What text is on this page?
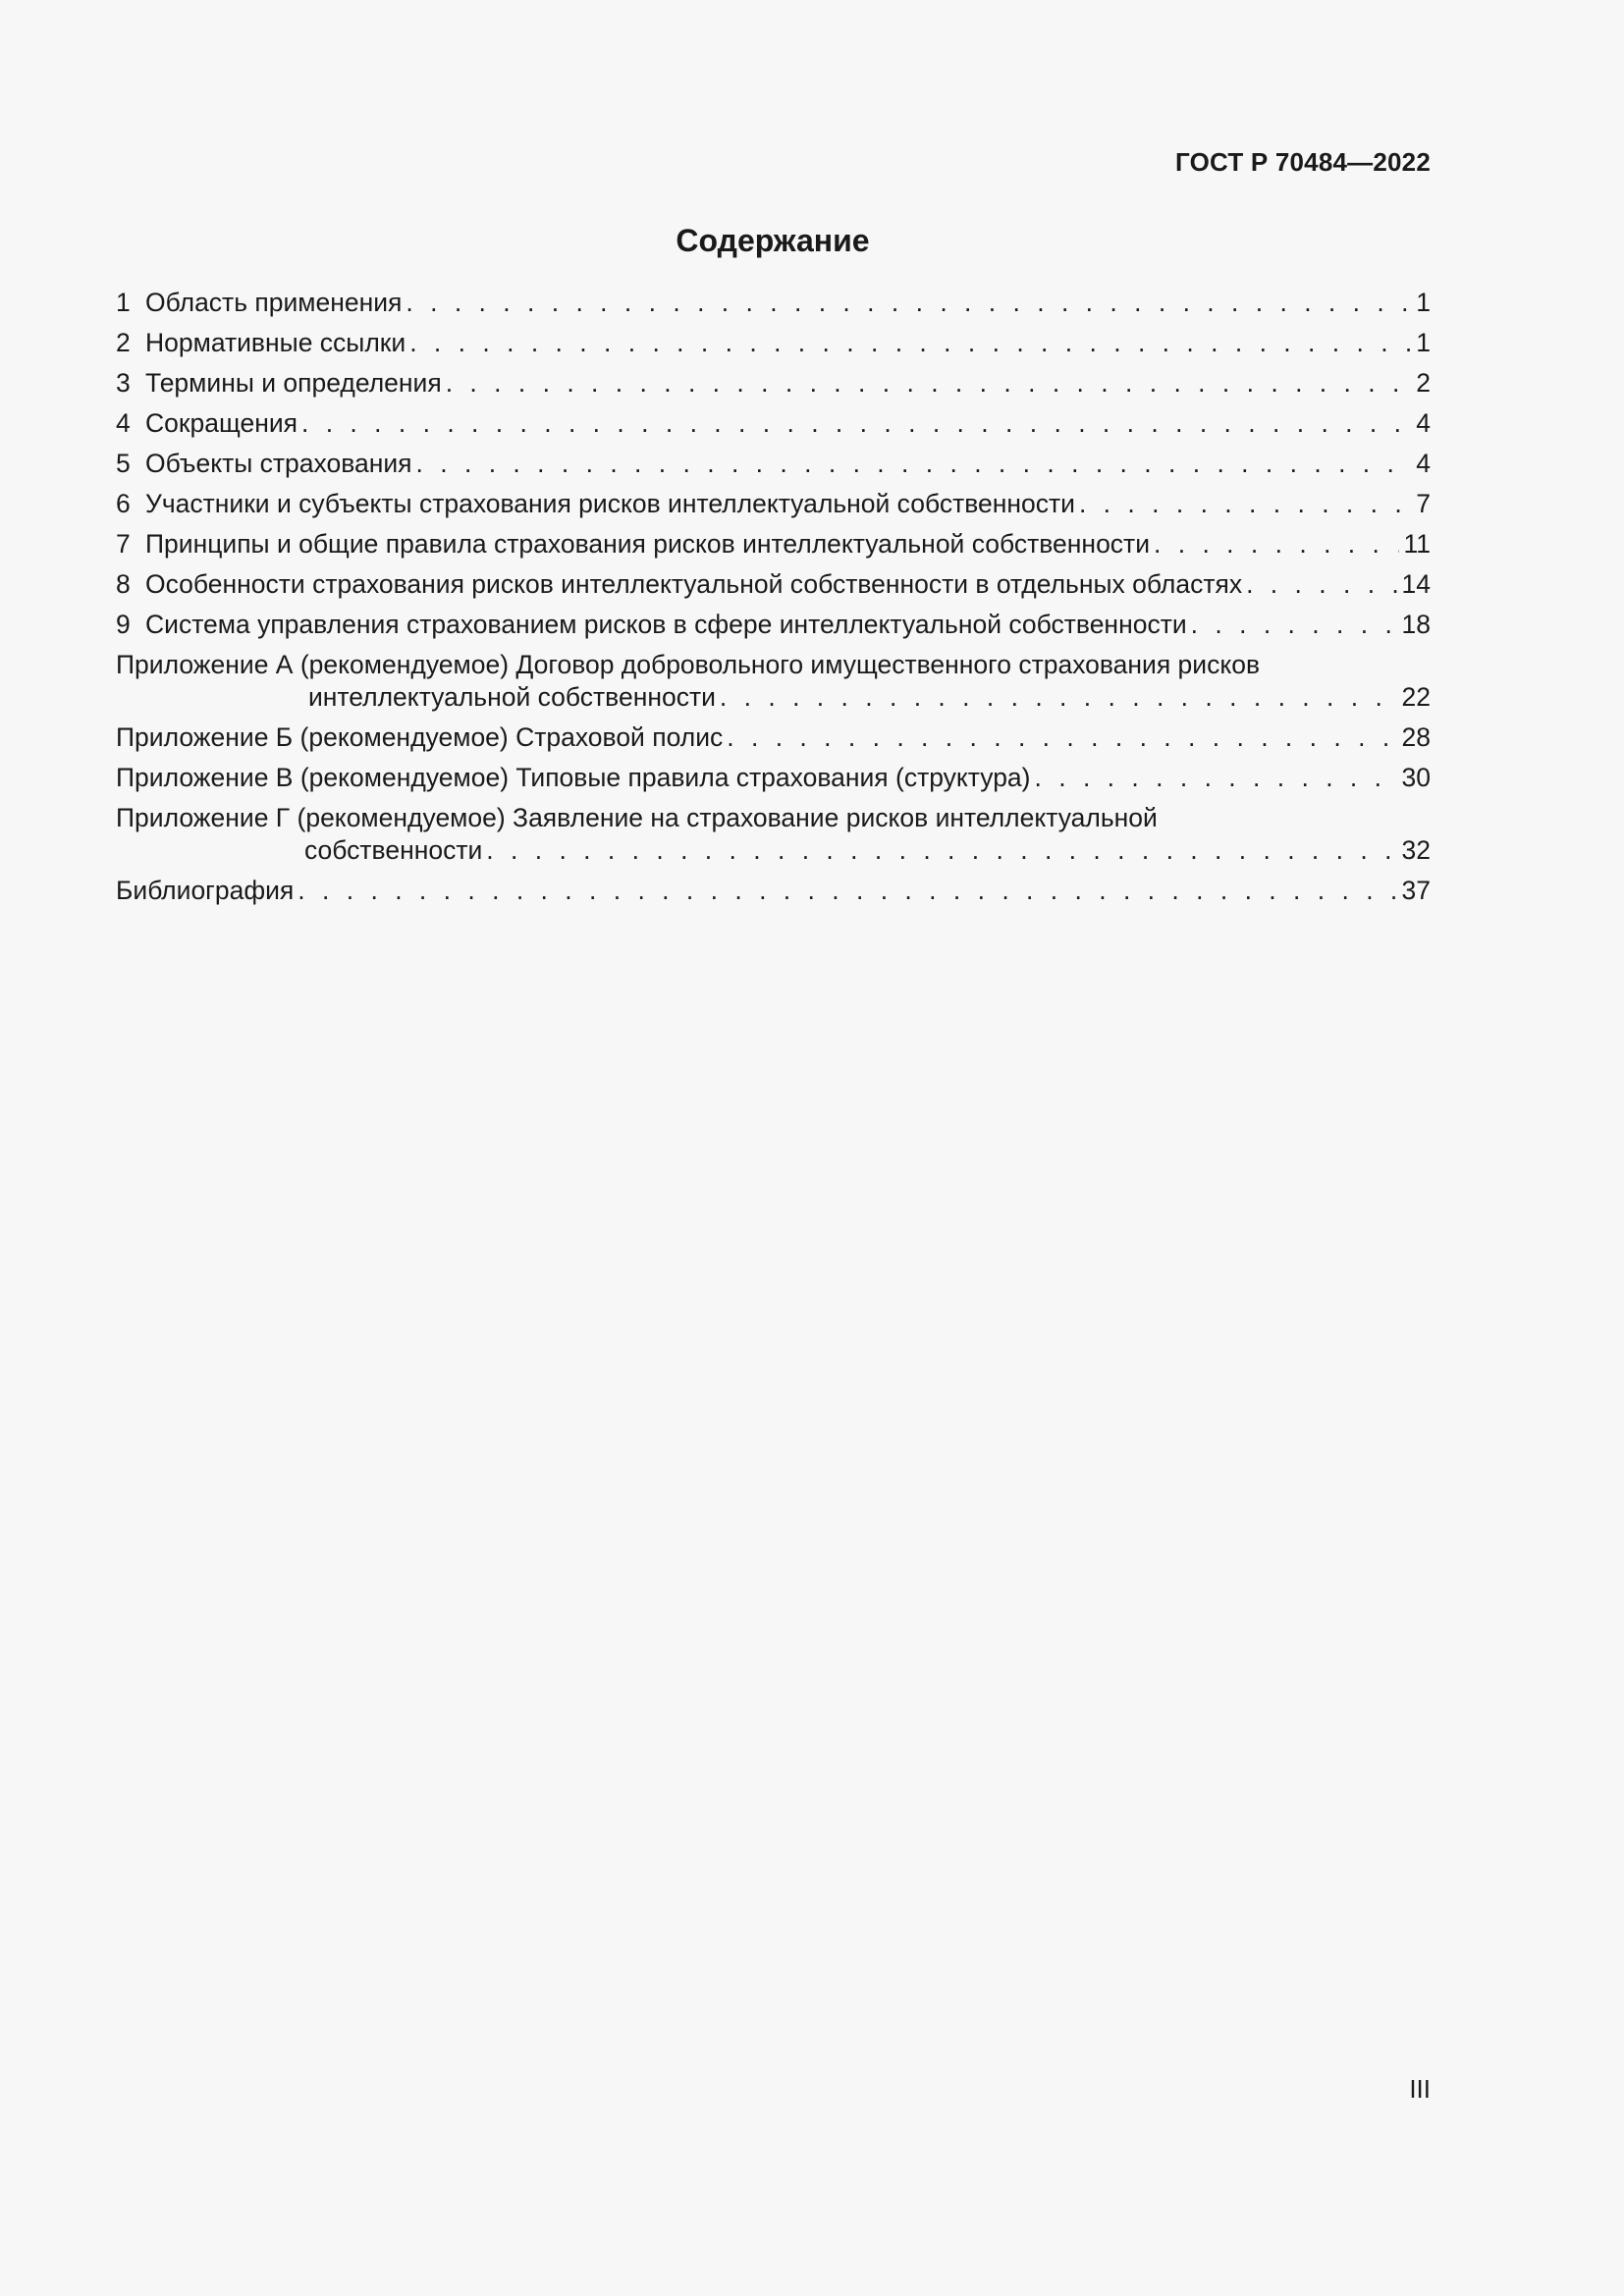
ГОСТ Р 70484—2022
Содержание
1 Область применения . . .	1
2 Нормативные ссылки . . .	1
3 Термины и определения . . .	2
4 Сокращения . . .	4
5 Объекты страхования . . .	4
6 Участники и субъекты страхования рисков интеллектуальной собственности . . .	7
7 Принципы и общие правила страхования рисков интеллектуальной собственности . . .	11
8 Особенности страхования рисков интеллектуальной собственности в отдельных областях . . .	14
9 Система управления страхованием рисков в сфере интеллектуальной собственности . . .	18
Приложение А (рекомендуемое) Договор добровольного имущественного страхования рисков
интеллектуальной собственности . . .	22
Приложение Б (рекомендуемое) Страховой полис . . .	28
Приложение В (рекомендуемое) Типовые правила страхования (структура) . . .	30
Приложение Г (рекомендуемое) Заявление на страхование рисков интеллектуальной
собственности . . .	32
Библиография . . .	37
III
